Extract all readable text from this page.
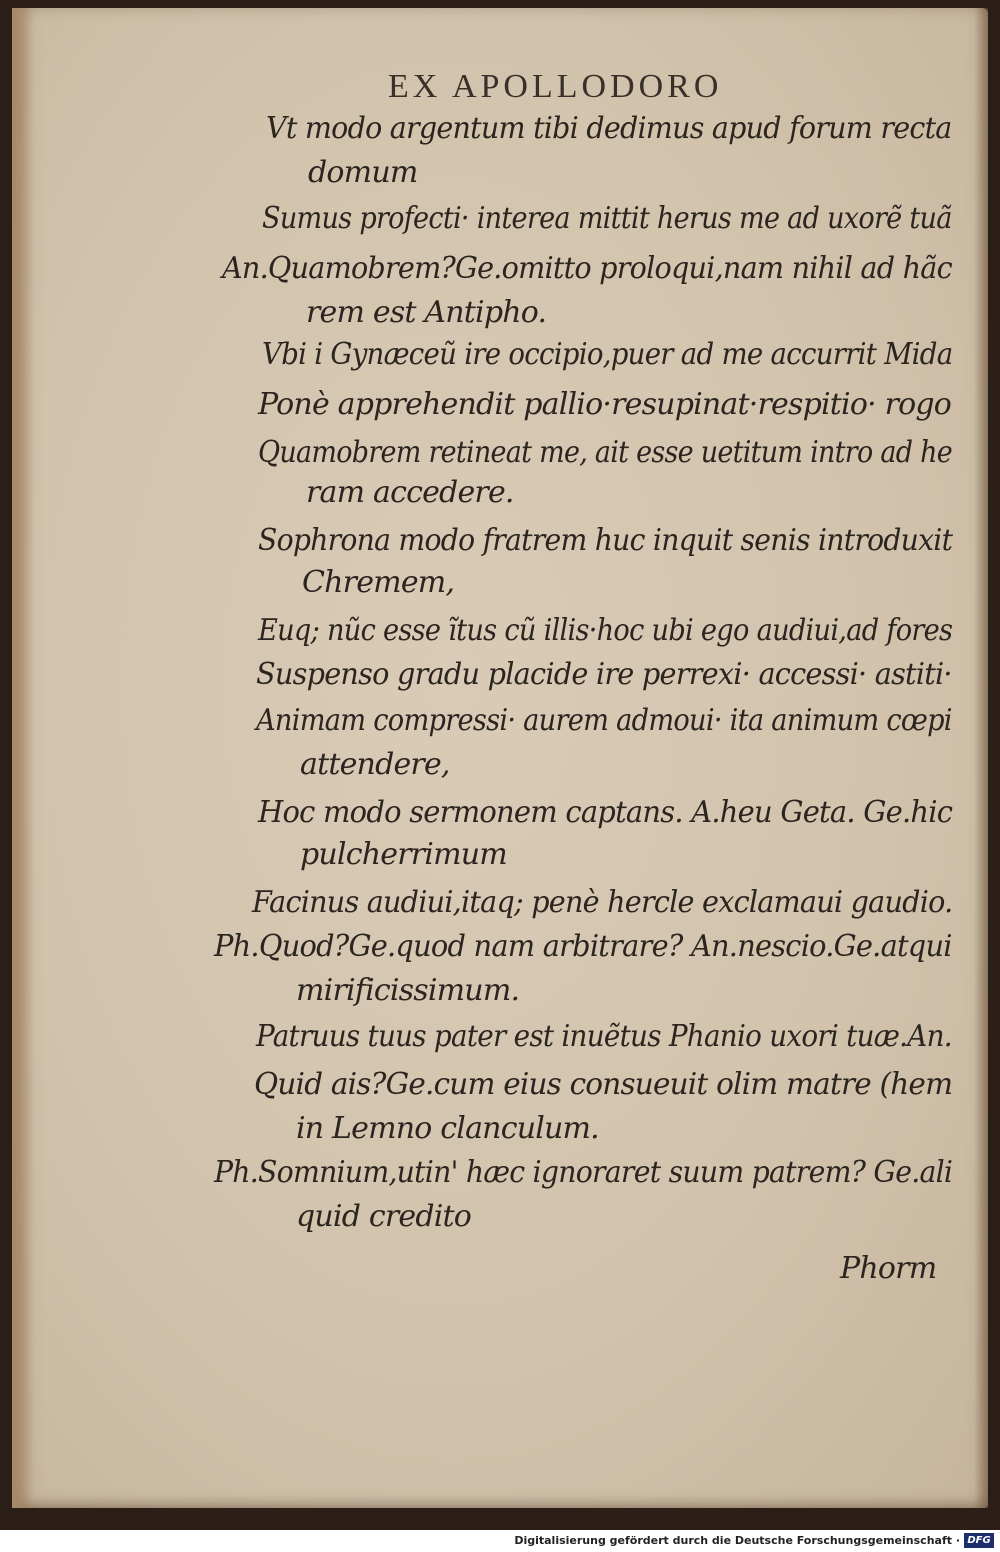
EX APOLLODORO
Vt modo argentum tibi dedimus apud forum recta
domum
Sumus profecti· interea mittit herus me ad uxorẽ tuã
An.Quamobrem?Ge.omitto proloqui,nam nihil ad hãc
rem est Antipho.
Vbi i Gynæceũ ire occipio,puer ad me accurrit Mida
Ponè apprehendit pallio·resupinat·respitio· rogo
Quamobrem retineat me, ait esse uetitum intro ad he
ram accedere.
Sophrona modo fratrem huc inquit senis introduxit
Chremem,
Euq; nũc esse ĩtus cũ illis·hoc ubi ego audiui,ad fores
Suspenso gradu placide ire perrexi· accessi· astiti·
Animam compressi· aurem admoui· ita animum cœpi
attendere,
Hoc modo sermonem captans. A.heu Geta. Ge.hic
pulcherrimum
Facinus audiui,itaq; penè hercle exclamaui gaudio.
Ph.Quod?Ge.quod nam arbitrare? An.nescio.Ge.atqui
mirificissimum.
Patruus tuus pater est inuẽtus Phanio uxori tuæ.An.
Quid ais?Ge.cum eius consueuit olim matre (hem
in Lemno clanculum.
Ph.Somnium,utin' hæc ignoraret suum patrem? Ge.ali
quid credito
Phorm
Digitalisierung gefördert durch die Deutsche Forschungsgemeinschaft · DFG
